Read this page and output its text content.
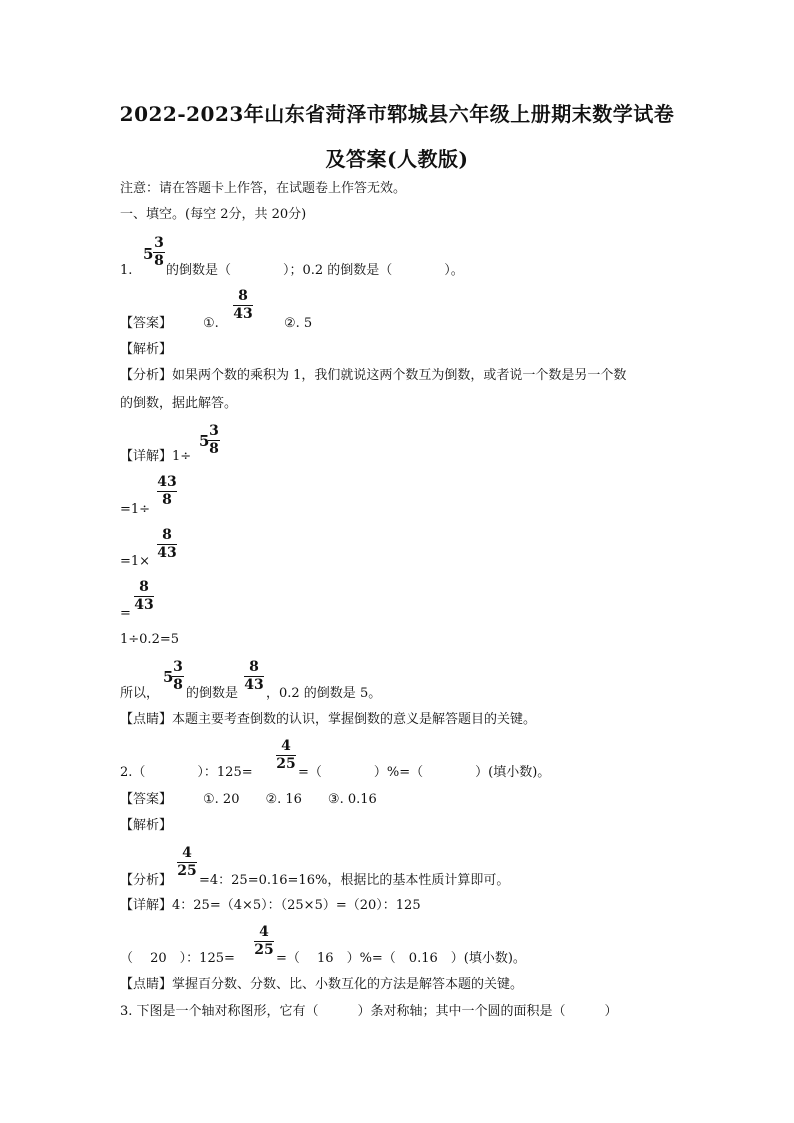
2022-2023年山东省菏泽市郓城县六年级上册期末数学试卷
及答案(人教版)
注意：请在答题卡上作答，在试题卷上作答无效。
一、填空。(每空 2分，共 20分)
1.
5
3
8
的倒数是（　　　　）；0.2 的倒数是（　　　　）。
【答案】 ①.
8
43
②. 5
【解析】
【分析】如果两个数的乘积为 1，我们就说这两个数互为倒数，或者说一个数是另一个数
的倒数，据此解答。
【详解】1÷
5
3
8
=1÷
43
8
=1×
8
43
=
8
43
1÷0.2=5
所以，
5
3
8
的倒数是
8
43
，0.2 的倒数是 5。
【点睛】本题主要考查倒数的认识，掌握倒数的意义是解答题目的关键。
2.（　　　　）：125=
4
25
=（　　　　）%=（　　　　）(填小数)。
【答案】 ①. 20　　②. 16　　③. 0.16
【解析】
【分析】
4
25
=4：25=0.16=16%，根据比的基本性质计算即可。
【详解】4：25=（4×5）：（25×5）=（20）：125
（　 20　）：125=
4
25
=（　 16　）%=（　0.16　）(填小数)。
【点睛】掌握百分数、分数、比、小数互化的方法是解答本题的关键。
3. 下图是一个轴对称图形，它有（　　　）条对称轴；其中一个圆的面积是（　　　）
